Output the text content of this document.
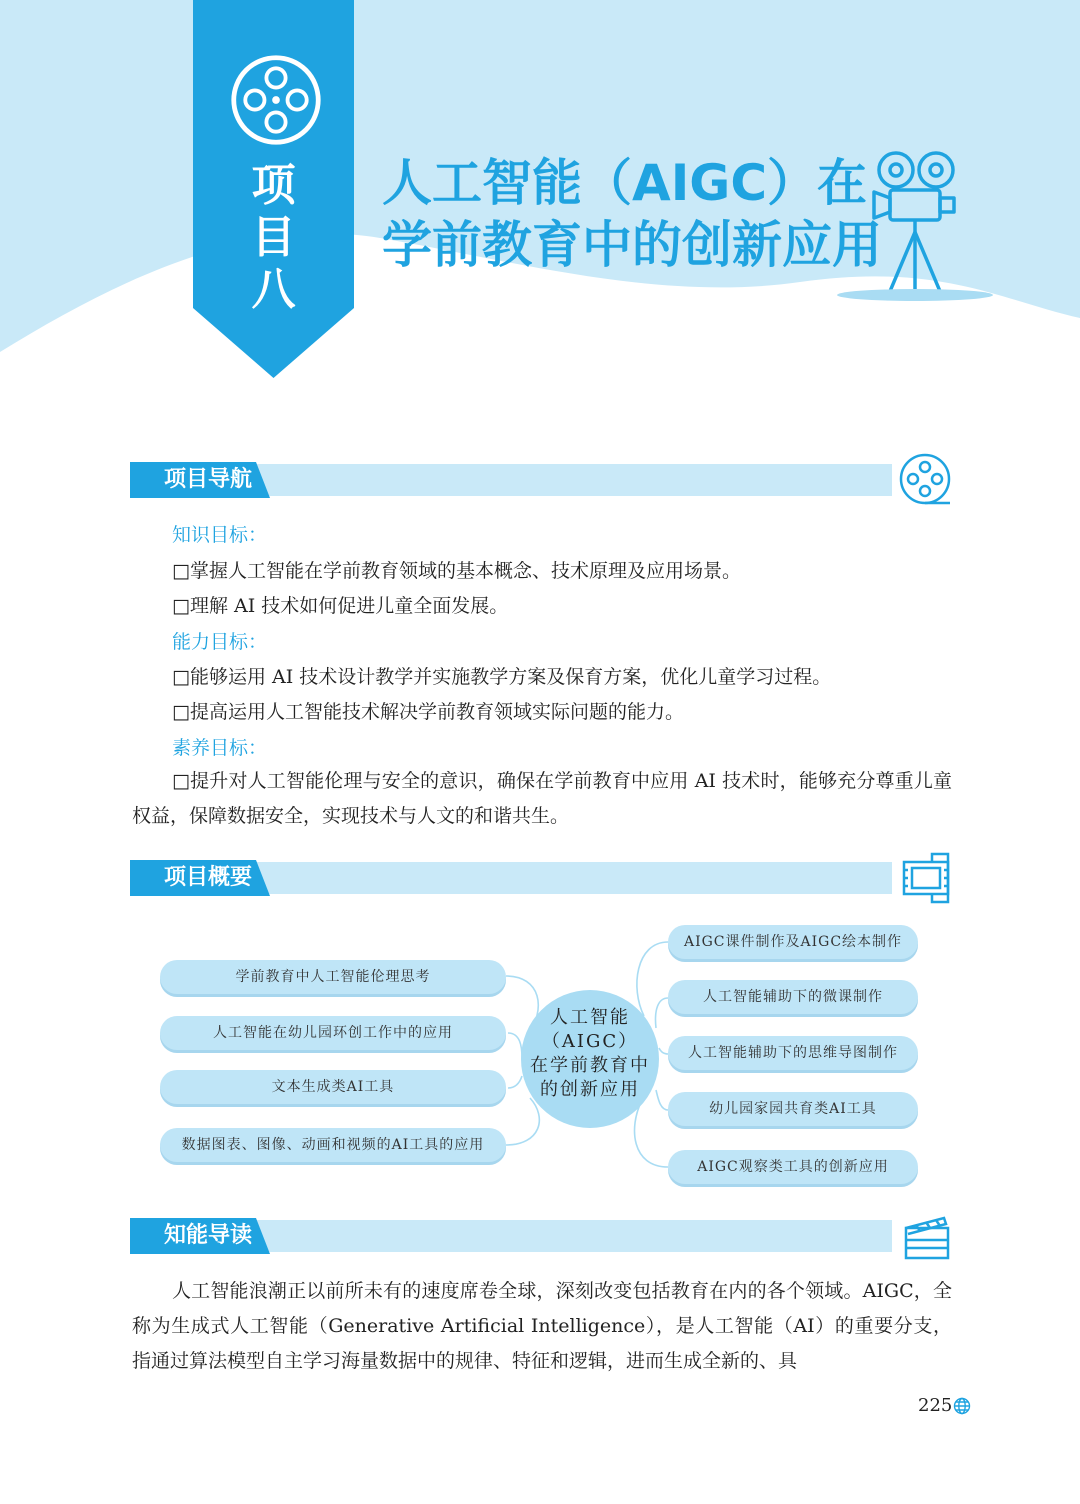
项
目
八
人工智能（AIGC）在
学前教育中的创新应用
项目导航
知识目标：
□掌握人工智能在学前教育领域的基本概念、技术原理及应用场景。
□理解 AI 技术如何促进儿童全面发展。
能力目标：
□能够运用 AI 技术设计教学并实施教学方案及保育方案，优化儿童学习过程。
□提高运用人工智能技术解决学前教育领域实际问题的能力。
素养目标：

□提升对人工智能伦理与安全的意识，确保在学前教育中应用 AI 技术时，能够充分尊重儿童权益，保障数据安全，实现技术与人文的和谐共生。

项目概要
学前教育中人工智能伦理思考
人工智能在幼儿园环创工作中的应用
文本生成类AI工具
数据图表、图像、动画和视频的AI工具的应用
人工智能
（AIGC）
在学前教育中
的创新应用
AIGC课件制作及AIGC绘本制作
人工智能辅助下的微课制作
人工智能辅助下的思维导图制作
幼儿园家园共育类AI工具
AIGC观察类工具的创新应用
知能导读

人工智能浪潮正以前所未有的速度席卷全球，深刻改变包括教育在内的各个领域。AIGC，全称为生成式人工智能（Generative Artificial Intelligence），是人工智能（AI）的重要分支，指通过算法模型自主学习海量数据中的规律、特征和逻辑，进而生成全新的、具

225
